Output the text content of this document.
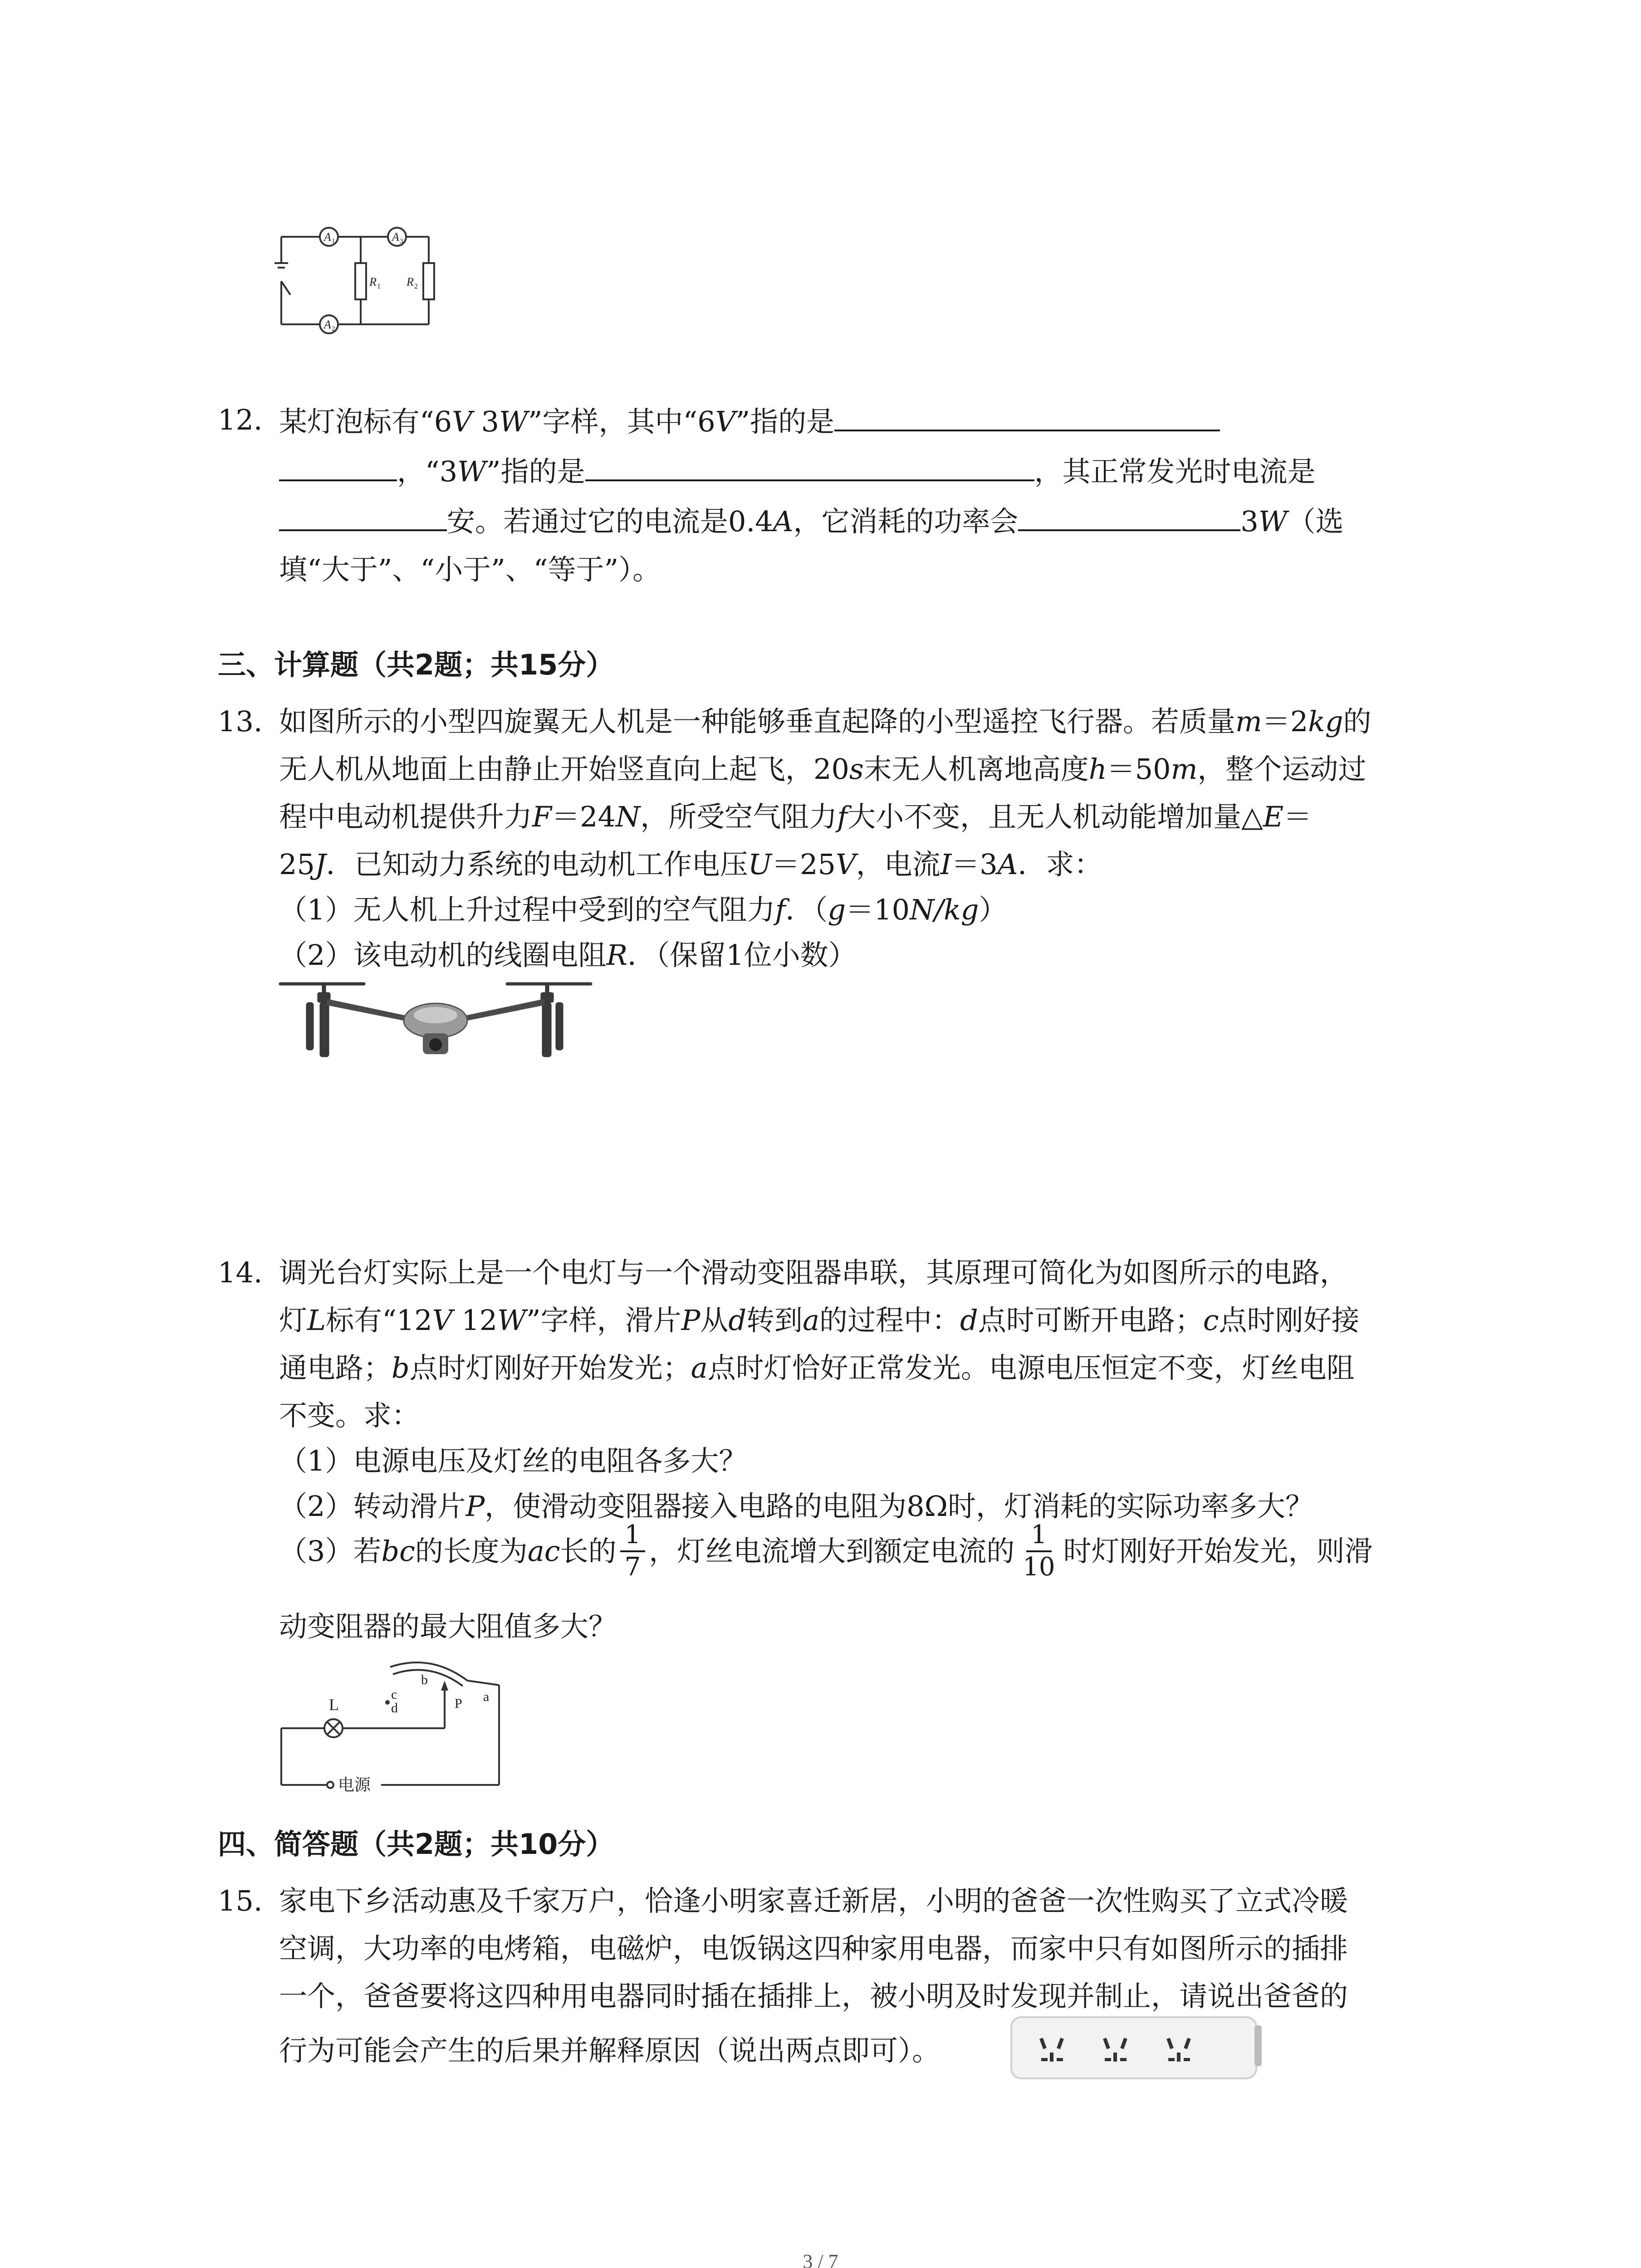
A 1	A 3
A 2
R 1 R 2
12. 某灯泡标有“6V 3W”字样，其中“6V”指的是
，“3W”指的是	，其正常发光时电流是
安。若通过它的电流是0.4A，它消耗的功率会	3W（选
填“大于”、“小于”、“等于”）。
三、计算题（共2题；共15分）
13. 如图所示的小型四旋翼无人机是一种能够垂直起降的小型遥控飞行器。若质量m＝2kg的
无人机从地面上由静止开始竖直向上起飞，20s末无人机离地高度h＝50m，整个运动过
程中电动机提供升力F＝24N，所受空气阻力f大小不变，且无人机动能增加量△E＝
25J．已知动力系统的电动机工作电压U＝25V，电流I＝3A．求：
（1）无人机上升过程中受到的空气阻力f．（g＝10N/kg）
（2）该电动机的线圈电阻R．（保留1位小数）
14. 调光台灯实际上是一个电灯与一个滑动变阻器串联，其原理可简化为如图所示的电路，
灯L标有“12V 12W”字样，滑片P从d转到a的过程中：d点时可断开电路；c点时刚好接
通电路；b点时灯刚好开始发光；a点时灯恰好正常发光。电源电压恒定不变，灯丝电阻
不变。求：
（1）电源电压及灯丝的电阻各多大？
（2）转动滑片P，使滑动变阻器接入电路的电阻为8Ω时，灯消耗的实际功率多大？
（3）若bc的长度为ac长的 $\frac{1}{7}$ ，灯丝电流增大到额定电流的 $\frac{1}{10}$ 时灯刚好开始发光，则滑
动变阻器的最大阻值多大？
L
c
d
b
a
P
电源
四、简答题（共2题；共10分）
15. 家电下乡活动惠及千家万户，恰逢小明家喜迁新居，小明的爸爸一次性购买了立式冷暖
空调，大功率的电烤箱，电磁炉，电饭锅这四种家用电器，而家中只有如图所示的插排
一个，爸爸要将这四种用电器同时插在插排上，被小明及时发现并制止，请说出爸爸的
行为可能会产生的后果并解释原因（说出两点即可）。
3 / 7
